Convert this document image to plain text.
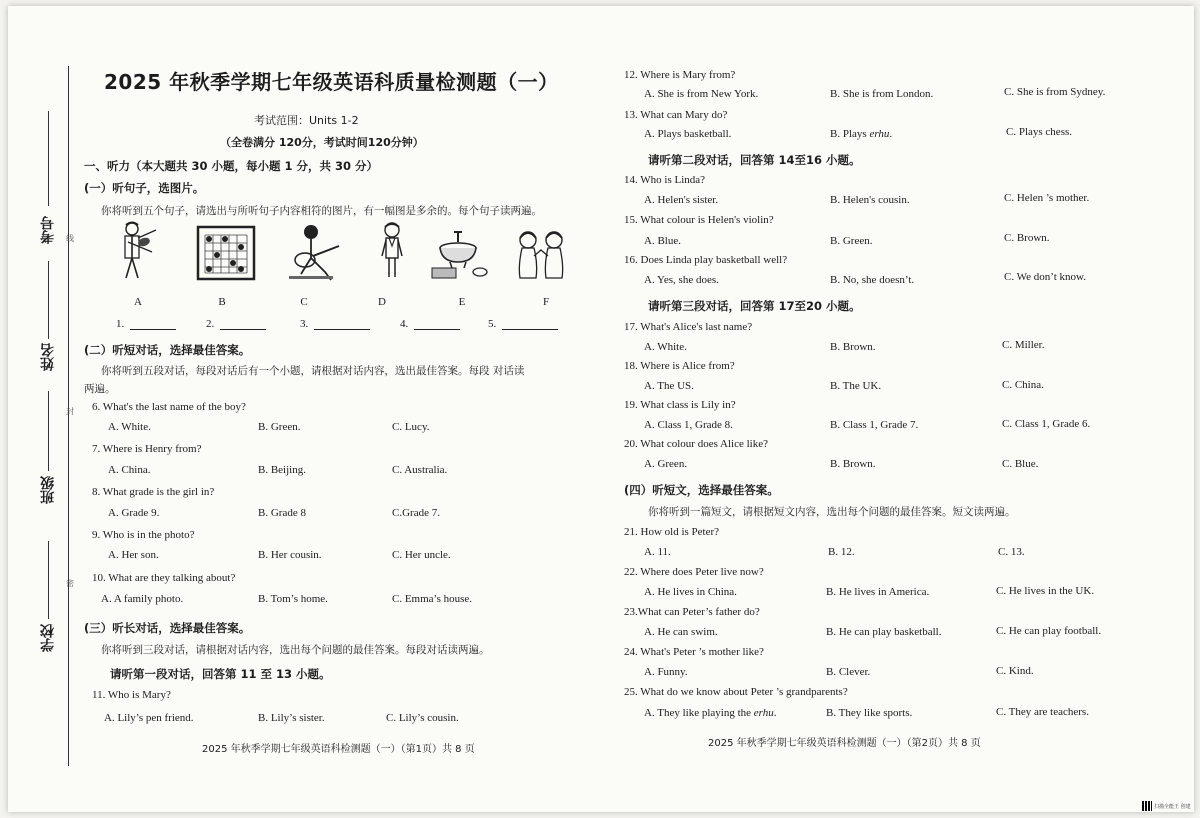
考号
姓名
班级
学校
线
封
密
2025 年秋季学期七年级英语科质量检测题（一）
考试范围：Units 1-2
（全卷满分 120分，考试时间120分钟）
一、听力（本大题共 30 小题，每小题 1 分，共 30 分）
(一）听句子，选图片。
你将听到五个句子，请选出与所听句子内容相符的图片，有一幅图是多余的。每个句子读两遍。
A	B	C	D	E	F
1.	2.	3.	4.	5.
(二）听短对话，选择最佳答案。
你将听到五段对话，每段对话后有一个小题，请根据对话内容，选出最佳答案。每段 对话读
两遍。
6. What's the last name of the boy?
A. White.	B. Green.	C. Lucy.
7. Where is Henry from?
A. China.	B. Beijing.	C. Australia.
8. What grade is the girl in?
A. Grade 9.	B. Grade 8	C.Grade 7.
9. Who is in the photo?
A. Her son.	B. Her cousin.	C. Her uncle.
10. What are they talking about?
A. A family photo.	B. Tom’s home.	C. Emma’s house.
(三）听长对话，选择最佳答案。
你将听到三段对话，请根据对话内容，选出每个问题的最佳答案。每段对话读两遍。
请听第一段对话，回答第 11 至 13 小题。
11. Who is Mary?
A. Lily’s pen friend.	B. Lily’s sister.	C. Lily’s cousin.
2025 年秋季学期七年级英语科检测题（一）（第1页）共 8 页
12. Where is Mary from?
A. She is from New York.	B. She is from London.	C. She is from Sydney.
13. What can Mary do?
A. Plays basketball.	B. Plays erhu.	C. Plays chess.
请听第二段对话，回答第 14至16 小题。
14. Who is Linda?
A. Helen's sister.	B. Helen's cousin.	C. Helen ’s mother.
15. What colour is Helen's violin?
A. Blue.	B. Green.	C. Brown.
16. Does Linda play basketball well?
A. Yes, she does.	B. No, she doesn’t.	C. We don’t know.
请听第三段对话，回答第 17至20 小题。
17. What's Alice's last name?
A. White.	B. Brown.	C. Miller.
18. Where is Alice from?
A. The US.	B. The UK.	C. China.
19. What class is Lily in?
A. Class 1, Grade 8.	B. Class 1, Grade 7.	C. Class 1, Grade 6.
20. What colour does Alice like?
A. Green.	B. Brown.	C. Blue.
(四）听短文，选择最佳答案。
你将听到一篇短文，请根据短文内容，选出每个问题的最佳答案。短文读两遍。
21. How old is Peter?
A. 11.	B. 12.	C. 13.
22. Where does Peter live now?
A. He lives in China.	B. He lives in America.	C. He lives in the UK.
23.What can Peter’s father do?
A. He can swim.	B. He can play basketball.	C. He can play football.
24. What's Peter ’s mother like?
A. Funny.	B. Clever.	C. Kind.
25. What do we know about Peter ’s grandparents?
A. They like playing the erhu.	B. They like sports.	C. They are teachers.
2025 年秋季学期七年级英语科检测题（一）（第2页）共 8 页
扫描全能王 创建
